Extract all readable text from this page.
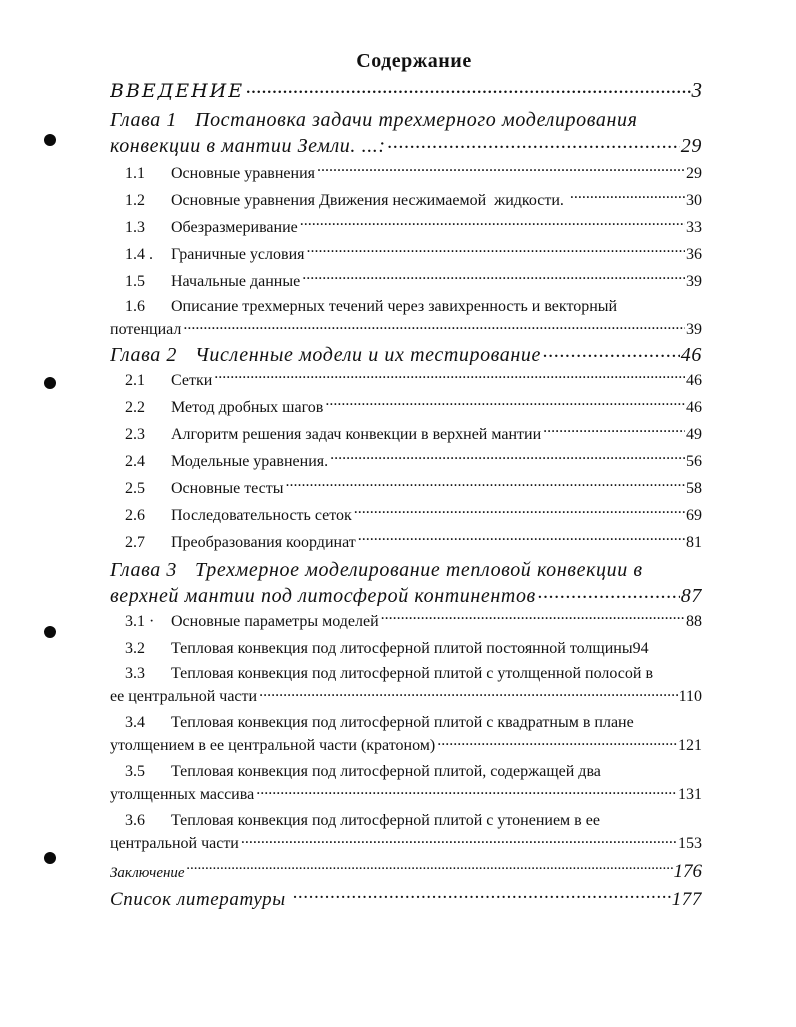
Содержание
ВВЕДЕНИЕ .....	3
Глава 1 Постановка задачи трехмерного моделирования
конвекции в мантии Земли. ...: .....	29
1.1 Основные уравнения .....	29
1.2 Основные уравнения Движения несжимаемой  жидкости. .....	30
1.3 Обезразмеривание .....	33
1.4 . Граничные условия .....	36
1.5 Начальные данные .....	39
1.6 Описание трехмерных течений через завихренность и векторный
потенциал .....	39
Глава 2 Численные модели и их тестирование .....	46
2.1 Сетки .....	46
2.2 Метод дробных шагов .....	46
2.3 Алгоритм решения задач конвекции в верхней мантии .....	49
2.4 Модельные уравнения. .....	56
2.5 Основные тесты .....	58
2.6 Последовательность сеток .....	69
2.7 Преобразования координат .....	81
Глава 3 Трехмерное моделирование тепловой конвекции в
верхней мантии под литосферой континентов .....	87
3.1 · Основные параметры моделей .....	88
3.2 Тепловая конвекция под литосферной плитой постоянной толщины 94
3.3 Тепловая конвекция под литосферной плитой с утолщенной полосой в
ее центральной части .....	110
3.4 Тепловая конвекция под литосферной плитой с квадратным в плане
утолщением в ее центральной части (кратоном) .....	121
3.5 Тепловая конвекция под литосферной плитой, содержащей два
утолщенных массива .....	131
3.6 Тепловая конвекция под литосферной плитой с утонением в ее
центральной части .....	153
Заключение .....	176
Список литературы .....	177
